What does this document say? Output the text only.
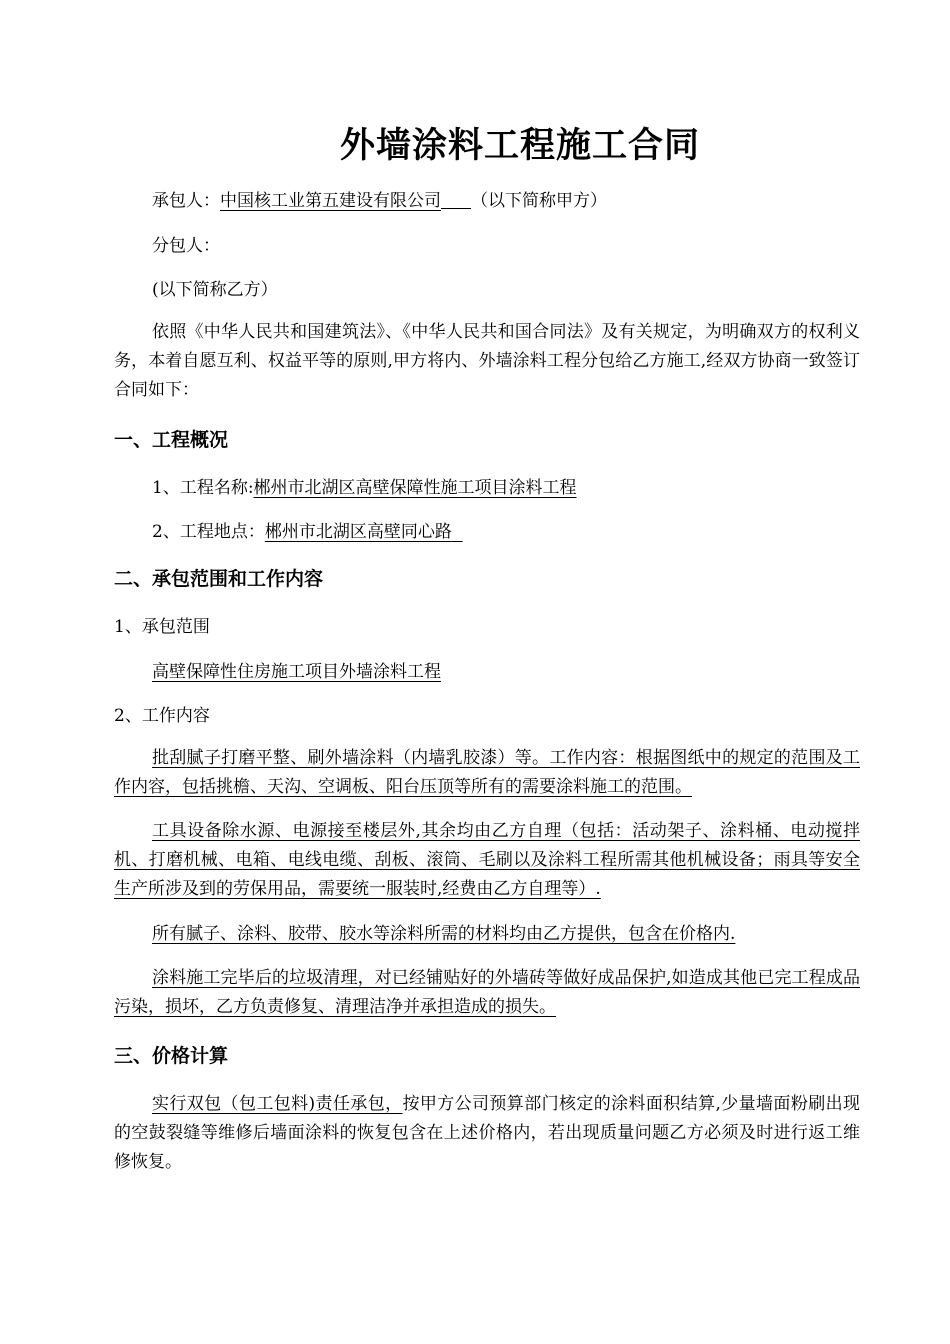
外墙涂料工程施工合同
承包人：中国核工业第五建设有限公司 （以下简称甲方）
分包人：
(以下简称乙方）
依照《中华人民共和国建筑法》、《中华人民共和国合同法》及有关规定，为明确双方的权利义务，本着自愿互利、权益平等的原则,甲方将内、外墙涂料工程分包给乙方施工,经双方协商一致签订合同如下：
一、工程概况
1、工程名称:郴州市北湖区高壁保障性施工项目涂料工程
2、工程地点：郴州市北湖区高壁同心路
二、承包范围和工作内容
1、承包范围
高壁保障性住房施工项目外墙涂料工程
2、工作内容
批刮腻子打磨平整、刷外墙涂料（内墙乳胶漆）等。工作内容：根据图纸中的规定的范围及工作内容，包括挑檐、天沟、空调板、阳台压顶等所有的需要涂料施工的范围。
工具设备除水源、电源接至楼层外,其余均由乙方自理（包括：活动架子、涂料桶、电动搅拌机、打磨机械、电箱、电线电缆、刮板、滚筒、毛刷以及涂料工程所需其他机械设备；雨具等安全生产所涉及到的劳保用品，需要统一服装时,经费由乙方自理等）.
所有腻子、涂料、胶带、胶水等涂料所需的材料均由乙方提供，包含在价格内.
涂料施工完毕后的垃圾清理，对已经铺贴好的外墙砖等做好成品保护,如造成其他已完工程成品污染，损坏，乙方负责修复、清理洁净并承担造成的损失。
三、价格计算
实行双包（包工包料)责任承包，按甲方公司预算部门核定的涂料面积结算,少量墙面粉刷出现的空鼓裂缝等维修后墙面涂料的恢复包含在上述价格内，若出现质量问题乙方必须及时进行返工维修恢复。
